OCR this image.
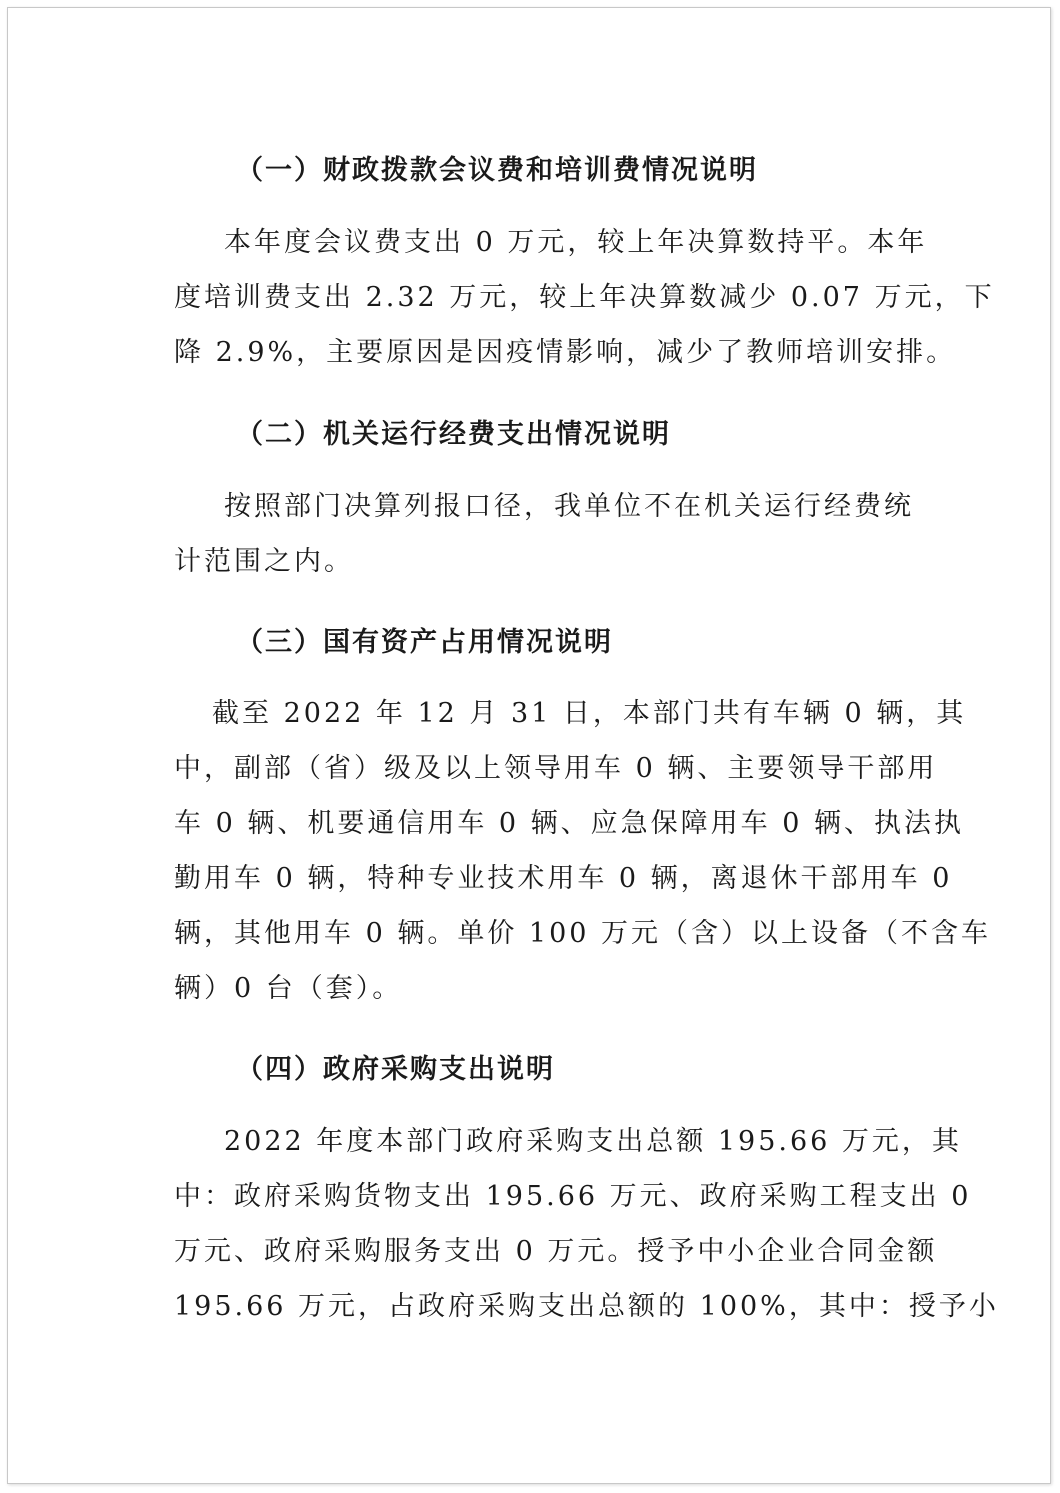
（一）财政拨款会议费和培训费情况说明
　本年度会议费支出 0 万元，较上年决算数持平。本年
度培训费支出 2.32 万元，较上年决算数减少 0.07 万元，下
降 2.9%，主要原因是因疫情影响，减少了教师培训安排。
（二）机关运行经费支出情况说明
　按照部门决算列报口径，我单位不在机关运行经费统
计范围之内。
（三）国有资产占用情况说明
　截至 2022 年 12 月 31 日，本部门共有车辆 0 辆，其
中，副部（省）级及以上领导用车 0 辆、主要领导干部用
车 0 辆、机要通信用车 0 辆、应急保障用车 0 辆、执法执
勤用车 0 辆，特种专业技术用车 0 辆，离退休干部用车 0
辆，其他用车 0 辆。单价 100 万元（含）以上设备（不含车
辆）0 台（套）。
（四）政府采购支出说明
　2022 年度本部门政府采购支出总额 195.66 万元，其
中：政府采购货物支出 195.66 万元、政府采购工程支出 0
万元、政府采购服务支出 0 万元。授予中小企业合同金额
195.66 万元，占政府采购支出总额的 100%，其中：授予小
